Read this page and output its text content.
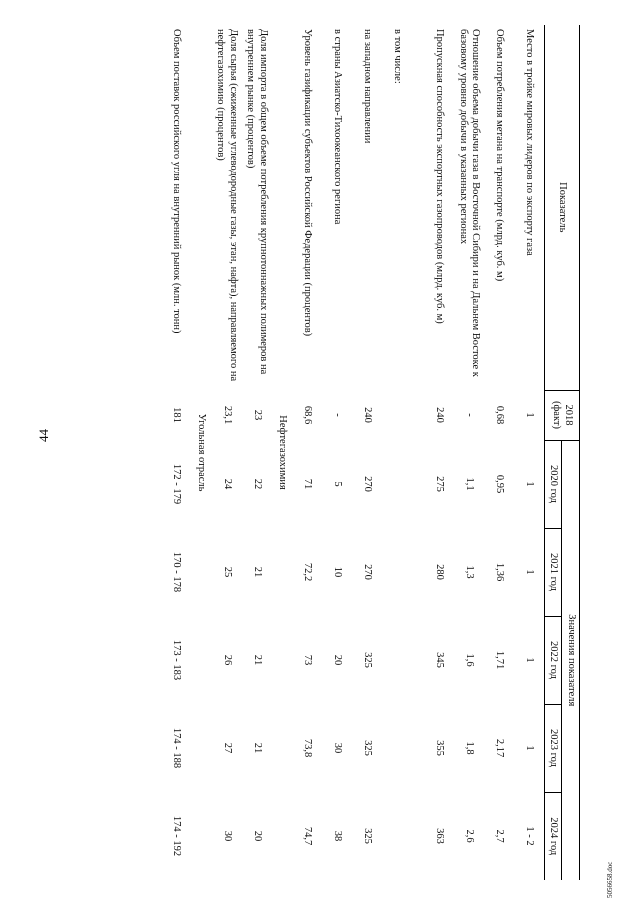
44
5056658.doc
Показатель	2018 (факт)	Значения показателя				
		2020 год	2021 год	2022 год	2023 год	2024 год
Место в тройке мировых лидеров по экспорту газа	1	1	1	1	1	1 - 2
Объем потребления метана на транспорте (млрд. куб. м)	0,68	0,95	1,36	1,71	2,17	2,7
Отношение объема добычи газа в Восточной Сибири и на Дальнем Востоке к базовому уровню добычи в указанных регионах	-	1,1	1,3	1,6	1,8	2,6
Пропускная способность экспортных газопроводов (млрд. куб. м)	240	275	280	345	355	363
в том числе:						
на западном направлении	240	270	270	325	325	325
в страны Азиатско-Тихоокеанского региона	-	5	10	20	30	38
Уровень газификации субъектов Российской Федерации (процентов)	68,6	71	72,2	73	73,8	74,7
Нефтегазохимия						
Доля импорта в общем объеме потребления крупнотоннажных полимеров на внутреннем рынке (процентов)	23	22	21	21	21	20
Доля сырья (сжиженные углеводородные газы, этан, нафта), направляемого на нефтегазохимию (процентов)	23,1	24	25	26	27	30
Угольная отрасль						
Объем поставок российского угля на внутренний рынок (млн. тонн)	181	172 - 179	170 - 178	173 - 183	174 - 188	174 - 192
